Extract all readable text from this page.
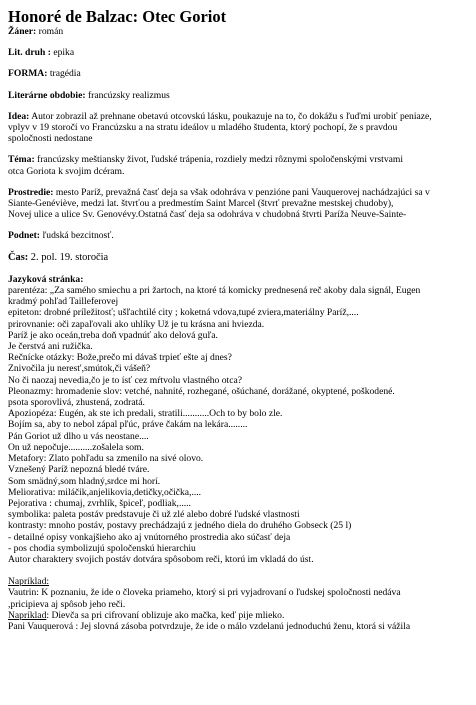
Honoré de Balzac: Otec Goriot
Žáner: román
Lit. druh : epika
FORMA: tragédia
Literárne obdobie: francúzsky realizmus
Idea: Autor zobrazil až prehnane obetavú otcovskú lásku, poukazuje na to, čo dokážu s ľuďmi urobiť peniaze,
vplyv v 19 storočí vo Francúzsku a na stratu ideálov u mladého študenta, ktorý pochopí, že s pravdou
spoločnosti nedostane
Téma: francúzsky meštiansky život, ľudské trápenia, rozdiely medzi rôznymi spoločenskými vrstvami
otca Goriota k svojim dcéram.
Prostredie: mesto Paríž, prevažná časť deja sa však odohráva v penzióne pani Vauquerovej nachádzajúci sa v
Siante-Genéviève, medzi lat. štvrťou a predmestím Saint Marcel (štvrť prevažne mestskej chudoby),
Novej ulice a ulice Sv. Genovévy.Ostatná časť deja sa odohráva v chudobná štvrti Paríža Neuve-Sainte-
Podnet: ľudská bezcitnosť.
Čas: 2. pol. 19. storočia
Jazyková stránka:
parentéza: „Za samého smiechu a pri žartoch, na ktoré tá komicky prednesená reč akoby dala signál, Eugen
kradmý pohľad Tailleferovej
epiteton: drobné príležitosť; ušľachtilé city ; koketná vdova,tupé zviera,materiálny Paríž,....
prirovnanie: oči zapaľovali ako uhlíky Už je tu krásna ani hviezda.
Paríž je ako oceán,treba doň vpadnúť ako delová guľa.
Je čerstvá ani ružička.
Rečnícke otázky: Bože,prečo mi dávaš trpieť ešte aj dnes?
Znivočila ju nerest',smútok,či vášeň?
No či naozaj nevedia,čo je to ísť cez mŕtvolu vlastného otca?
Pleonazmy: hromadenie slov: vetché, nahnité, rozhegané, ošúchané, dorážané, okyptené, poškodené.
psota sporovlivá, zhustená, zodratá.
Apoziopéza: Eugén, ak ste ich predali, stratili...........Och to by bolo zle.
Bojím sa, aby to nebol zápal pľúc, práve čakám na lekára........
Pán Goriot už dlho u vás neostane....
On už nepočuje..........zošalela som.
Metafory: Zlato pohľadu sa zmenilo na sivé olovo.
Vznešený Paríž nepozná bledé tváre.
Som smädný,som hladný,srdce mi horí.
Meliorativa: miláčik,anjelikovia,detičky,očička,....
Pejorativa : chumaj, zvrhlík, špiceľ, podliak,.....
symbolika: paleta postáv predstavuje či už zlé alebo dobré ľudské vlastnosti
kontrasty: mnoho postáv, postavy prechádzajú z jedného diela do druhého Gobseck (25 l)
- detailné opisy vonkajšieho ako aj vnútorného prostredia ako súčasť deja
- pos chodia symbolizujú spoločenskú hierarchiu
Autor charaktery svojich postáv dotvára spôsobom reči, ktorú im vkladá do úst.
Napríklad:
Vautrin: K poznaniu, že ide o človeka priameho, ktorý si pri vyjadrovaní o ľudskej spoločnosti nedáva
,pricipieva aj spôsob jeho reči.
Napríklad: Dievča sa pri cifrovaní oblizuje ako mačka, keď pije mlieko.
Pani Vauquerová : Jej slovná zásoba potvrdzuje, že ide o málo vzdelanú jednoduchú ženu, ktorá si vážila
